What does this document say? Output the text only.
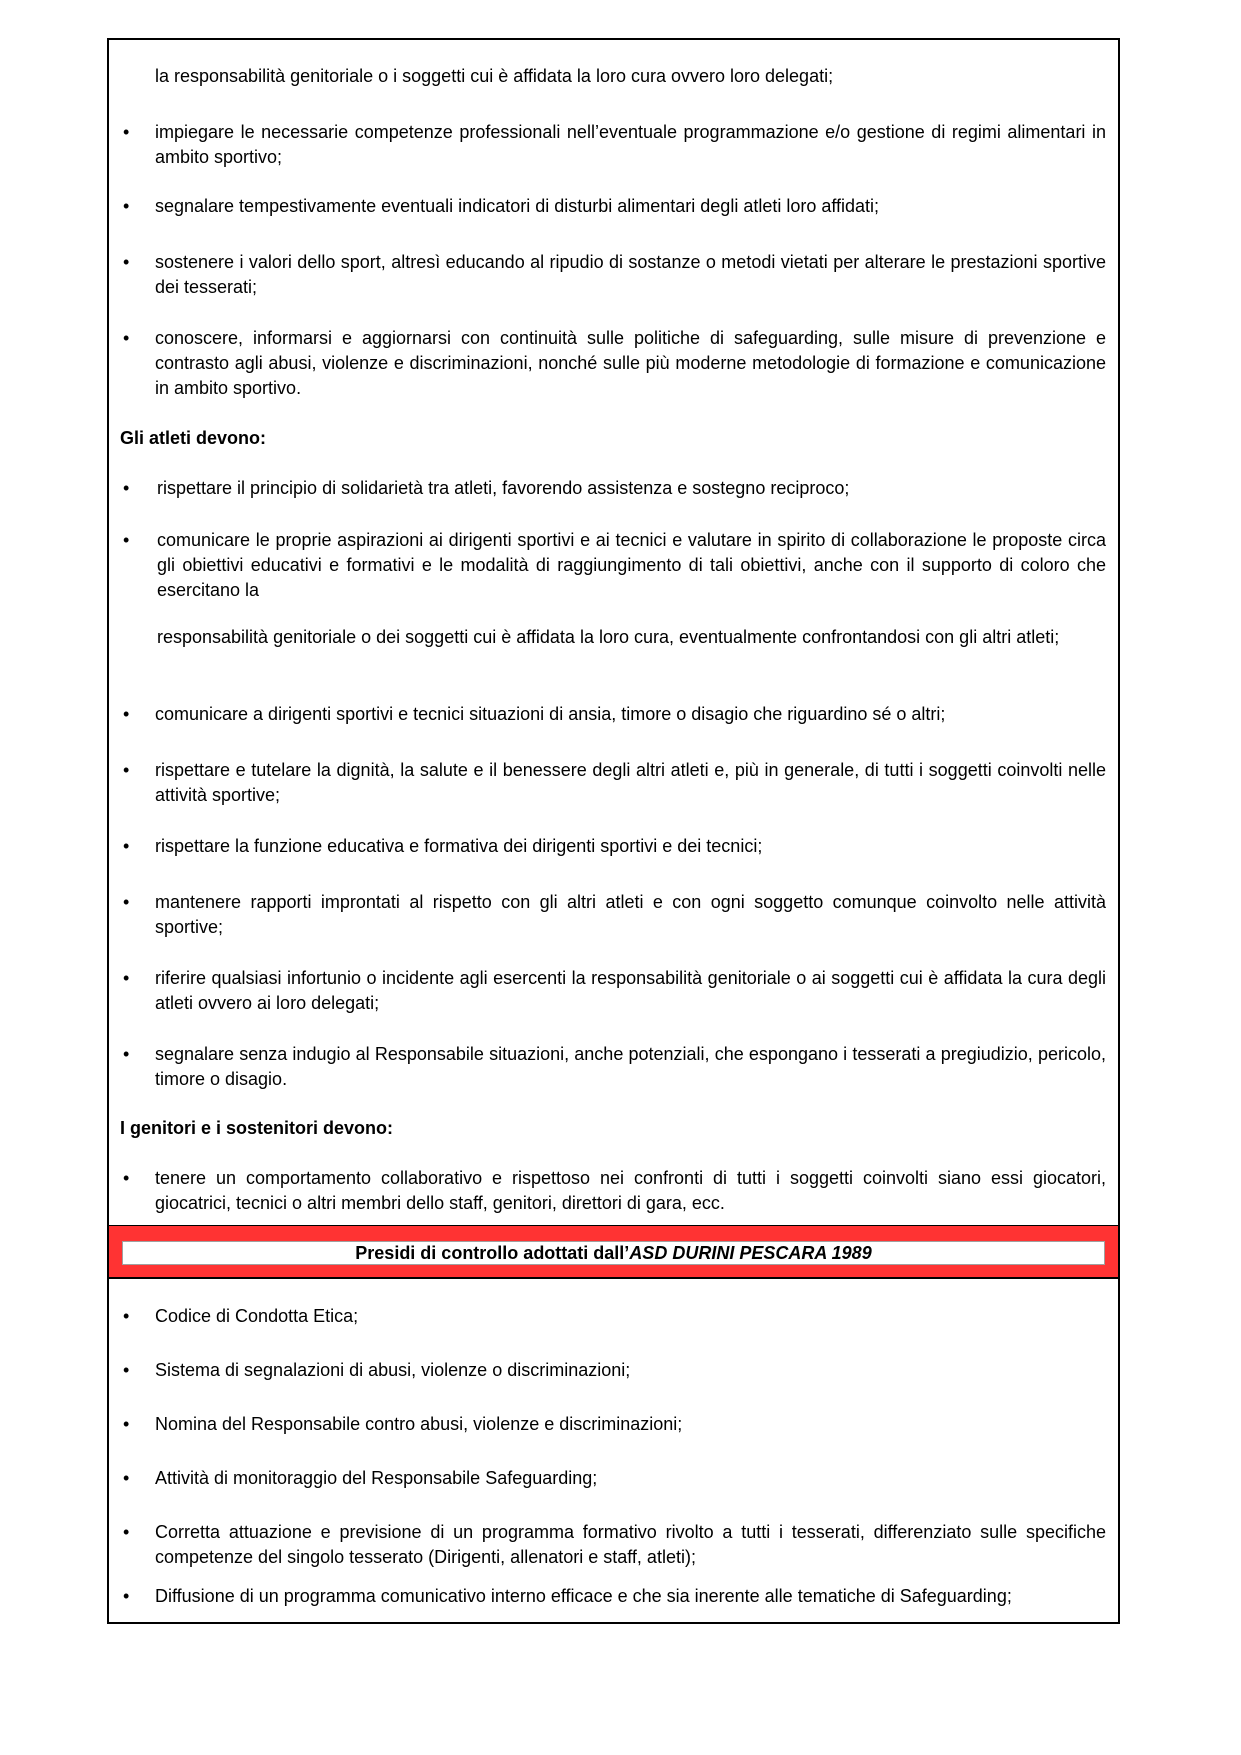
la responsabilità genitoriale o i soggetti cui è affidata la loro cura ovvero loro delegati;

• impiegare le necessarie competenze professionali nell’eventuale programmazione e/o gestione di regimi alimentari in ambito sportivo;

• segnalare tempestivamente eventuali indicatori di disturbi alimentari degli atleti loro affidati;

• sostenere i valori dello sport, altresì educando al ripudio di sostanze o metodi vietati per alterare le prestazioni sportive dei tesserati;

• conoscere, informarsi e aggiornarsi con continuità sulle politiche di safeguarding, sulle misure di prevenzione e contrasto agli abusi, violenze e discriminazioni, nonché sulle più moderne metodologie di formazione e comunicazione in ambito sportivo.

Gli atleti devono:

• rispettare il principio di solidarietà tra atleti, favorendo assistenza e sostegno reciproco;

• comunicare le proprie aspirazioni ai dirigenti sportivi e ai tecnici e valutare in spirito di collaborazione le proposte circa gli obiettivi educativi e formativi e le modalità di raggiungimento di tali obiettivi, anche con il supporto di coloro che esercitano la

responsabilità genitoriale o dei soggetti cui è affidata la loro cura, eventualmente confrontandosi con gli altri atleti;

• comunicare a dirigenti sportivi e tecnici situazioni di ansia, timore o disagio che riguardino sé o altri;

• rispettare e tutelare la dignità, la salute e il benessere degli altri atleti e, più in generale, di tutti i soggetti coinvolti nelle attività sportive;

• rispettare la funzione educativa e formativa dei dirigenti sportivi e dei tecnici;

• mantenere rapporti improntati al rispetto con gli altri atleti e con ogni soggetto comunque coinvolto nelle attività sportive;

• riferire qualsiasi infortunio o incidente agli esercenti la responsabilità genitoriale o ai soggetti cui è affidata la cura degli atleti ovvero ai loro delegati;

• segnalare senza indugio al Responsabile situazioni, anche potenziali, che espongano i tesserati a pregiudizio, pericolo, timore o disagio.

I genitori e i sostenitori devono:

• tenere un comportamento collaborativo e rispettoso nei confronti di tutti i soggetti coinvolti siano essi giocatori, giocatrici, tecnici o altri membri dello staff, genitori, direttori di gara, ecc.

Presidi di controllo adottati dall’ASD DURINI PESCARA 1989
• Codice di Condotta Etica;

• Sistema di segnalazioni di abusi, violenze o discriminazioni;

• Nomina del Responsabile contro abusi, violenze e discriminazioni;

• Attività di monitoraggio del Responsabile Safeguarding;

• Corretta attuazione e previsione di un programma formativo rivolto a tutti i tesserati, differenziato sulle specifiche competenze del singolo tesserato (Dirigenti, allenatori e staff, atleti);

• Diffusione di un programma comunicativo interno efficace e che sia inerente alle tematiche di Safeguarding;
